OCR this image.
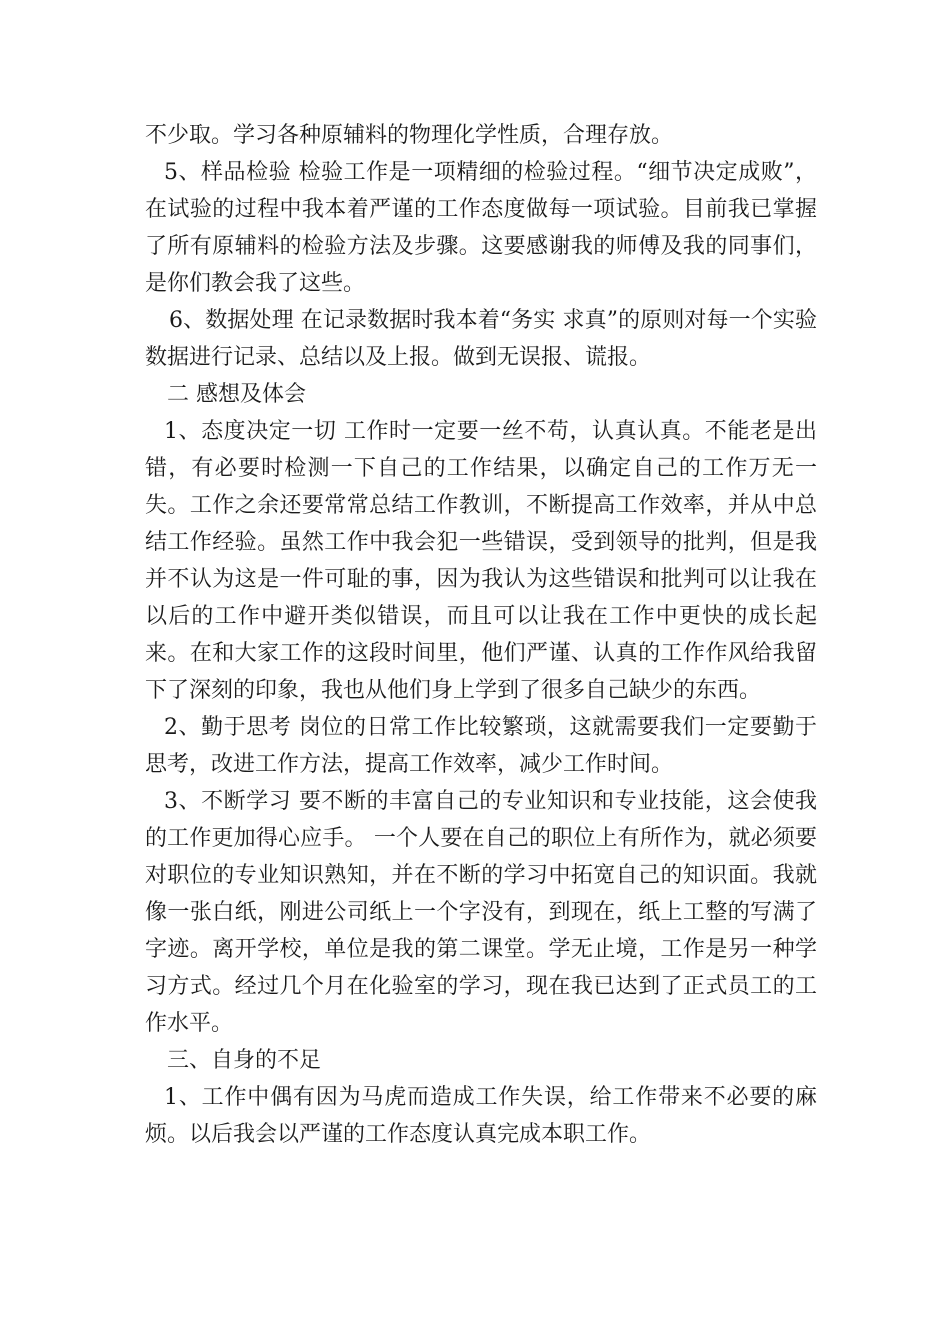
不少取。学习各种原辅料的物理化学性质，合理存放。

5、样品检验 检验工作是一项精细的检验过程。“细节决定成败”，在试验的过程中我本着严谨的工作态度做每一项试验。目前我已掌握了所有原辅料的检验方法及步骤。这要感谢我的师傅及我的同事们，是你们教会我了这些。

6、数据处理 在记录数据时我本着“务实 求真”的原则对每一个实验数据进行记录、总结以及上报。做到无误报、谎报。

二 感想及体会

1、态度决定一切 工作时一定要一丝不苟，认真认真。不能老是出错，有必要时检测一下自己的工作结果，以确定自己的工作万无一失。工作之余还要常常总结工作教训，不断提高工作效率，并从中总结工作经验。虽然工作中我会犯一些错误，受到领导的批判，但是我并不认为这是一件可耻的事，因为我认为这些错误和批判可以让我在以后的工作中避开类似错误，而且可以让我在工作中更快的成长起来。在和大家工作的这段时间里，他们严谨、认真的工作作风给我留下了深刻的印象，我也从他们身上学到了很多自己缺少的东西。

2、勤于思考 岗位的日常工作比较繁琐，这就需要我们一定要勤于思考，改进工作方法，提高工作效率，减少工作时间。

3、不断学习 要不断的丰富自己的专业知识和专业技能，这会使我的工作更加得心应手。 一个人要在自己的职位上有所作为，就必须要对职位的专业知识熟知，并在不断的学习中拓宽自己的知识面。我就像一张白纸，刚进公司纸上一个字没有，到现在，纸上工整的写满了字迹。离开学校，单位是我的第二课堂。学无止境，工作是另一种学习方式。经过几个月在化验室的学习，现在我已达到了正式员工的工作水平。

三、自身的不足

1、工作中偶有因为马虎而造成工作失误，给工作带来不必要的麻烦。以后我会以严谨的工作态度认真完成本职工作。
